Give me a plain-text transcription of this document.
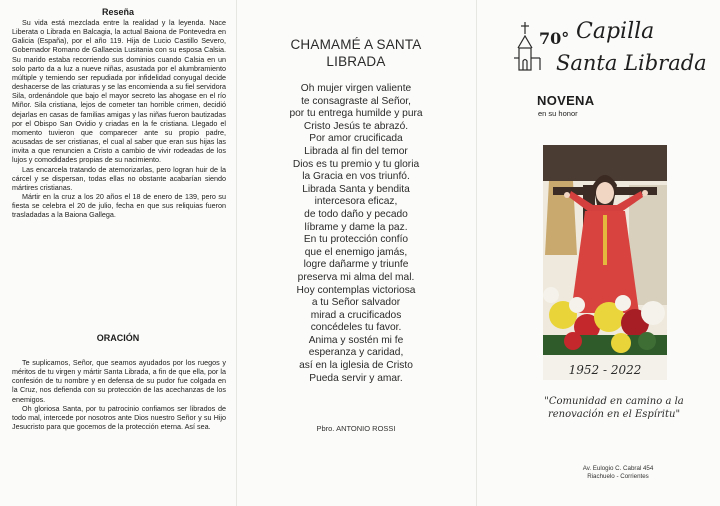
Reseña

Su vida está mezclada entre la realidad y la leyenda. Nace Liberata o Librada en Balcagia, la actual Baiona de Pontevedra en Galicia (España), por el año 119. Hija de Lucio Castillo Severo, Gobernador Romano de Gallaecia Lusitania con su esposa Calsia. Su marido estaba recorriendo sus dominios cuando Calsia en un solo parto da a luz a nueve niñas, asustada por el alumbramiento múltiple y temiendo ser repudiada por infidelidad conyugal decide deshacerse de las criaturas y se las encomienda a su fiel servidora Sila, ordenándole que bajo el mayor secreto las ahogase en el río Miñor. Sila cristiana, lejos de cometer tan horrible crimen, decidió dejarlas en casas de familias amigas y las niñas fueron bautizadas por el Obispo San Ovidio y criadas en la fe cristiana. Llegado el momento tuvieron que comparecer ante su propio padre, acusadas de ser cristianas, el cual al saber que eran sus hijas las invita a que renuncien a Cristo a cambio de vivir rodeadas de los lujos y comodidades propias de su nacimiento.

Las encarcela tratando de atemorizarlas, pero logran huir de la cárcel y se dispersan, todas ellas no obstante acabarían siendo mártires cristianas.

Mártir en la cruz a los 20 años el 18 de enero de 139, pero su fiesta se celebra el 20 de julio, fecha en que sus reliquias fueron trasladadas a la Baiona Gallega.

ORACIÓN

Te suplicamos, Señor, que seamos ayudados por los ruegos y méritos de tu virgen y mártir Santa Librada, a fin de que ella, por la confesión de tu nombre y en defensa de su pudor fue colgada en la Cruz, nos defienda con su protección de las acechanzas de los enemigos.

Oh gloriosa Santa, por tu patrocinio confiamos ser librados de todo mal, intercede por nosotros ante Dios nuestro Señor y su Hijo Jesucristo para que gocemos de la protección eterna. Así sea.

CHAMAMÉ A SANTA
LIBRADA
Oh mujer virgen valiente
te consagraste al Señor,
por tu entrega humilde y pura
Cristo Jesús te abrazó.
Por amor crucificada
Librada al fin del temor
Dios es tu premio y tu gloria
la Gracia en vos triunfó.
Librada Santa y bendita
intercesora eficaz,
de todo daño y pecado
líbrame y dame la paz.
En tu protección confío
que el enemigo jamás,
logre dañarme y triunfe
preserva mi alma del mal.
Hoy contemplas victoriosa
a tu Señor salvador
mirad a crucificados
concédeles tu favor.
Anima y sostén mi fe
esperanza y caridad,
así en la iglesia de Cristo
Pueda servir y amar.
Pbro. ANTONIO ROSSI
70° Capilla
Santa Librada
NOVENA
en su honor
1952 - 2022
"Comunidad en camino a la renovación en el Espíritu"
Av. Eulogio C. Cabral 454
Riachuelo - Corrientes
